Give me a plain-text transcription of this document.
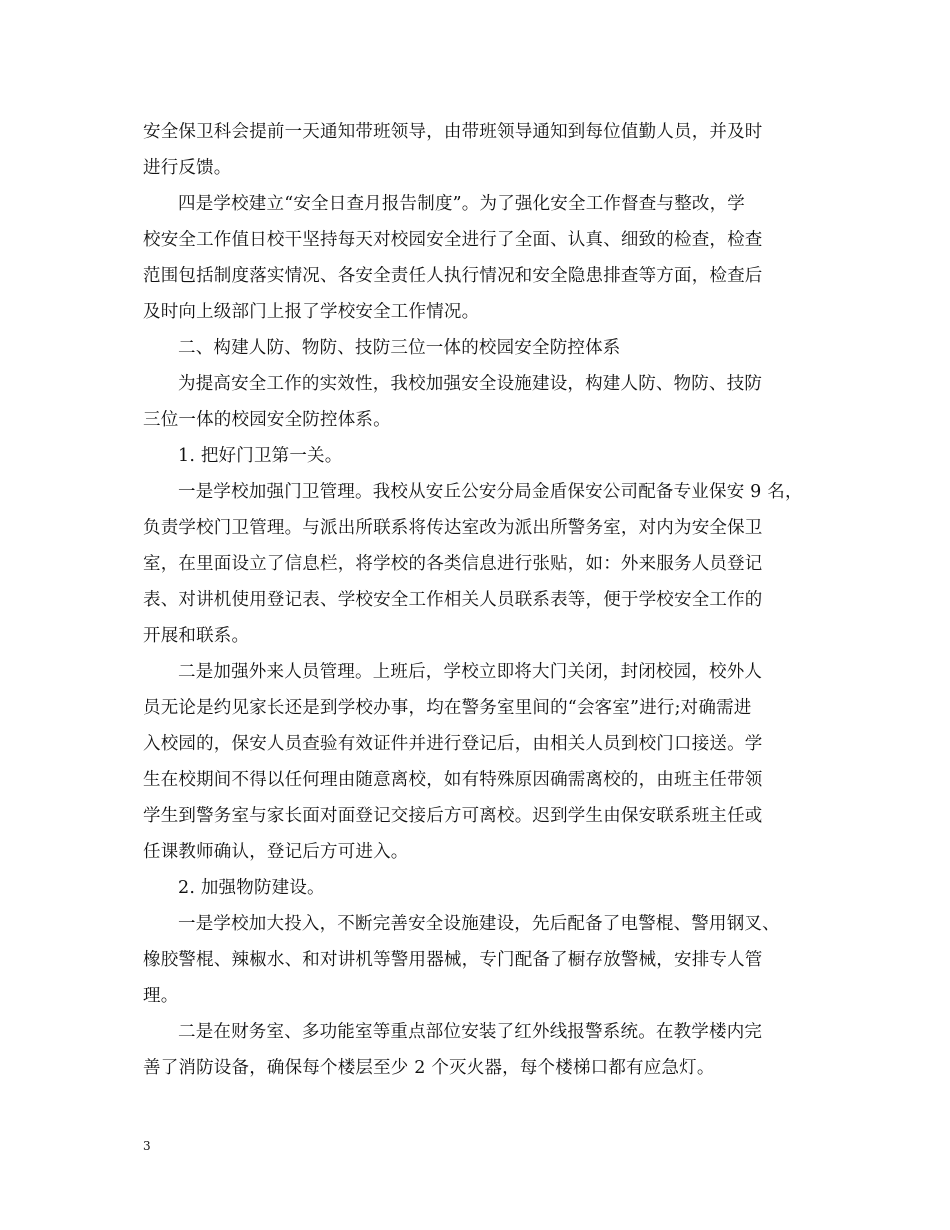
安全保卫科会提前一天通知带班领导，由带班领导通知到每位值勤人员，并及时
进行反馈。
四是学校建立“安全日查月报告制度”。为了强化安全工作督查与整改，学
校安全工作值日校干坚持每天对校园安全进行了全面、认真、细致的检查，检查
范围包括制度落实情况、各安全责任人执行情况和安全隐患排查等方面，检查后
及时向上级部门上报了学校安全工作情况。
二、构建人防、物防、技防三位一体的校园安全防控体系
为提高安全工作的实效性，我校加强安全设施建设，构建人防、物防、技防
三位一体的校园安全防控体系。
1. 把好门卫第一关。
一是学校加强门卫管理。我校从安丘公安分局金盾保安公司配备专业保安 9 名，
负责学校门卫管理。与派出所联系将传达室改为派出所警务室，对内为安全保卫
室，在里面设立了信息栏，将学校的各类信息进行张贴，如：外来服务人员登记
表、对讲机使用登记表、学校安全工作相关人员联系表等，便于学校安全工作的
开展和联系。
二是加强外来人员管理。上班后，学校立即将大门关闭，封闭校园，校外人
员无论是约见家长还是到学校办事，均在警务室里间的“会客室”进行;对确需进
入校园的，保安人员查验有效证件并进行登记后，由相关人员到校门口接送。学
生在校期间不得以任何理由随意离校，如有特殊原因确需离校的，由班主任带领
学生到警务室与家长面对面登记交接后方可离校。迟到学生由保安联系班主任或
任课教师确认，登记后方可进入。
2. 加强物防建设。
一是学校加大投入，不断完善安全设施建设，先后配备了电警棍、警用钢叉、
橡胶警棍、辣椒水、和对讲机等警用器械，专门配备了橱存放警械，安排专人管
理。
二是在财务室、多功能室等重点部位安装了红外线报警系统。在教学楼内完
善了消防设备，确保每个楼层至少 2 个灭火器，每个楼梯口都有应急灯。
3
